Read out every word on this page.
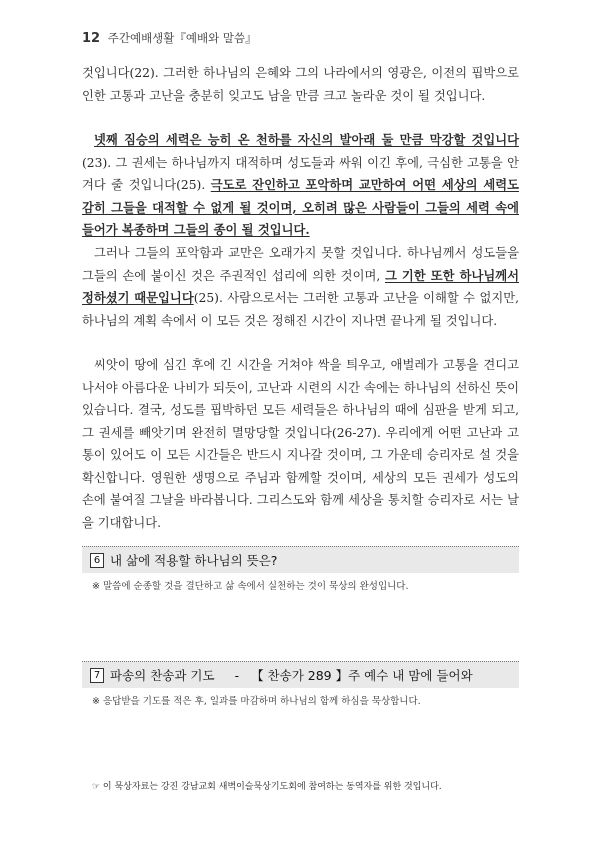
12 주간예배생활『예배와 말씀』

것입니다(22). 그러한 하나님의 은혜와 그의 나라에서의 영광은, 이전의 핍박으로 인한 고통과 고난을 충분히 잊고도 남을 만큼 크고 놀라운 것이 될 것입니다.

넷째 짐승의 세력은 능히 온 천하를 자신의 발아래 둘 만큼 막강할 것입니다(23). 그 권세는 하나님까지 대적하며 성도들과 싸워 이긴 후에, 극심한 고통을 안겨다 줄 것입니다(25). 극도로 잔인하고 포악하며 교만하여 어떤 세상의 세력도 감히 그들을 대적할 수 없게 될 것이며, 오히려 많은 사람들이 그들의 세력 속에 들어가 복종하며 그들의 종이 될 것입니다.

그러나 그들의 포악함과 교만은 오래가지 못할 것입니다. 하나님께서 성도들을 그들의 손에 붙이신 것은 주권적인 섭리에 의한 것이며, 그 기한 또한 하나님께서 정하셨기 때문입니다(25). 사람으로서는 그러한 고통과 고난을 이해할 수 없지만, 하나님의 계획 속에서 이 모든 것은 정해진 시간이 지나면 끝나게 될 것입니다.

씨앗이 땅에 심긴 후에 긴 시간을 거쳐야 싹을 틔우고, 애벌레가 고통을 견디고 나서야 아름다운 나비가 되듯이, 고난과 시련의 시간 속에는 하나님의 선하신 뜻이 있습니다. 결국, 성도를 핍박하던 모든 세력들은 하나님의 때에 심판을 받게 되고, 그 권세를 빼앗기며 완전히 멸망당할 것입니다(26-27). 우리에게 어떤 고난과 고통이 있어도 이 모든 시간들은 반드시 지나갈 것이며, 그 가운데 승리자로 설 것을 확신합니다. 영원한 생명으로 주님과 함께할 것이며, 세상의 모든 권세가 성도의 손에 붙여질 그날을 바라봅니다. 그리스도와 함께 세상을 통치할 승리자로 서는 날을 기대합니다.

6 내 삶에 적용할 하나님의 뜻은?
※ 말씀에 순종할 것을 결단하고 삶 속에서 실천하는 것이 묵상의 완성입니다.
7 파송의 찬송과 기도 - 【 찬송가 289 】주 예수 내 맘에 들어와
※ 응답받을 기도를 적은 후, 일과를 마감하며 하나님의 함께 하심을 묵상합니다.
☞ 이 묵상자료는 강진 강남교회 새벽이슬묵상기도회에 참여하는 동역자를 위한 것입니다.
